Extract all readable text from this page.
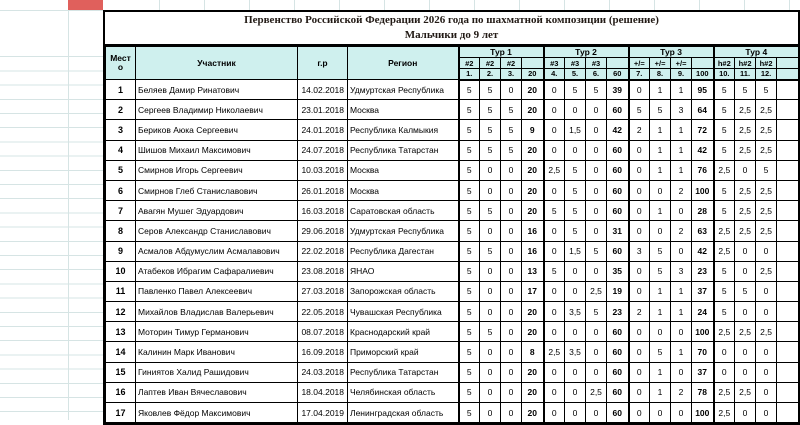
Первенство Российской Федерации 2026 года по шахматной композиции (решение)
Мальчики до 9 лет
Место	Участник	г.р	Регион	Тур 1				Тур 2				Тур 3				Тур 4			
				#2	#2	#2		#3	#3	#3		+/=	+/=	+/=		h#2	h#2	h#2	
				1.	2.	3.	20	4.	5.	6.	60	7.	8.	9.	100	10.	11.	12.	
1	Беляев Дамир Ринатович	14.02.2018	Удмуртская Республика	5	5	0	20	0	5	5	39	0	1	1	95	5	5	5	
2	Сергеев Владимир Николаевич	23.01.2018	Москва	5	5	5	20	0	0	0	60	5	5	3	64	5	2,5	2,5	
3	Бериков Аюка Сергеевич	24.01.2018	Республика Калмыкия	5	5	5	9	0	1,5	0	42	2	1	1	72	5	2,5	2,5	
4	Шишов Михаил Максимович	24.07.2018	Республика Татарстан	5	5	5	20	0	0	0	60	0	1	1	42	5	2,5	2,5	
5	Смирнов Игорь Сергеевич	10.03.2018	Москва	5	0	0	20	2,5	5	0	60	0	1	1	76	2,5	0	5	
6	Смирнов Глеб Станиславович	26.01.2018	Москва	5	0	0	20	0	5	0	60	0	0	2	100	5	2,5	2,5	
7	Авагян Мушег Эдуардович	16.03.2018	Саратовская область	5	5	0	20	5	5	0	60	0	1	0	28	5	2,5	2,5	
8	Серов Александр Станиславович	29.06.2018	Удмуртская Республика	5	0	0	16	0	5	0	31	0	0	2	63	2,5	2,5	2,5	
9	Асмалов Абдумуслим Асмалавович	22.02.2018	Республика Дагестан	5	5	0	16	0	1,5	5	60	3	5	0	42	2,5	0	0	
10	Атабеков Ибрагим Сафаралиевич	23.08.2018	ЯНАО	5	0	0	13	5	0	0	35	0	5	3	23	5	0	2,5	
11	Павленко Павел Алексеевич	27.03.2018	Запорожская область	5	0	0	17	0	0	2,5	19	0	1	1	37	5	5	0	
12	Михайлов Владислав Валерьевич	22.05.2018	Чувашская Республика	5	0	0	20	0	3,5	5	23	2	1	1	24	5	0	0	
13	Моторин Тимур Германович	08.07.2018	Краснодарский край	5	5	0	20	0	0	0	60	0	0	0	100	2,5	2,5	2,5	
14	Калинин Марк Иванович	16.09.2018	Приморский край	5	0	0	8	2,5	3,5	0	60	0	5	1	70	0	0	0	
15	Гиниятов Халид Рашидович	24.03.2018	Республика Татарстан	5	0	0	20	0	0	0	60	0	1	0	37	0	0	0	
16	Лаптев Иван Вячеславович	18.04.2018	Челябинская область	5	0	0	20	0	0	2,5	60	0	1	2	78	2,5	2,5	0	
17	Яковлев Фёдор Максимович	17.04.2019	Ленинградская область	5	0	0	20	0	0	0	60	0	0	0	100	2,5	0	0	
